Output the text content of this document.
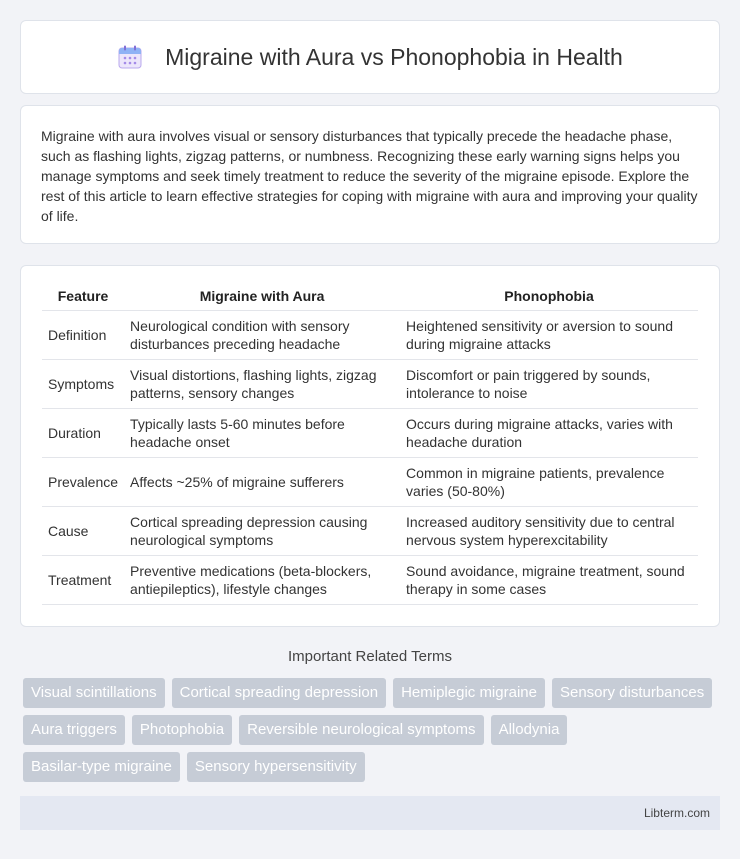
Migraine with Aura vs Phonophobia in Health

Migraine with aura involves visual or sensory disturbances that typically precede the headache phase, such as flashing lights, zigzag patterns, or numbness. Recognizing these early warning signs helps you manage symptoms and seek timely treatment to reduce the severity of the migraine episode. Explore the rest of this article to learn effective strategies for coping with migraine with aura and improving your quality of life.

Feature	Migraine with Aura	Phonophobia
Definition	Neurological condition with sensory disturbances preceding headache	Heightened sensitivity or aversion to sound during migraine attacks
Symptoms	Visual distortions, flashing lights, zigzag patterns, sensory changes	Discomfort or pain triggered by sounds, intolerance to noise
Duration	Typically lasts 5-60 minutes before headache onset	Occurs during migraine attacks, varies with headache duration
Prevalence	Affects ~25% of migraine sufferers	Common in migraine patients, prevalence varies (50-80%)
Cause	Cortical spreading depression causing neurological symptoms	Increased auditory sensitivity due to central nervous system hyperexcitability
Treatment	Preventive medications (beta-blockers, antiepileptics), lifestyle changes	Sound avoidance, migraine treatment, sound therapy in some cases
Important Related Terms
Visual scintillations	Cortical spreading depression	Hemiplegic migraine	Sensory disturbances
Aura triggers	Photophobia	Reversible neurological symptoms	Allodynia
Basilar-type migraine	Sensory hypersensitivity
Libterm.com
